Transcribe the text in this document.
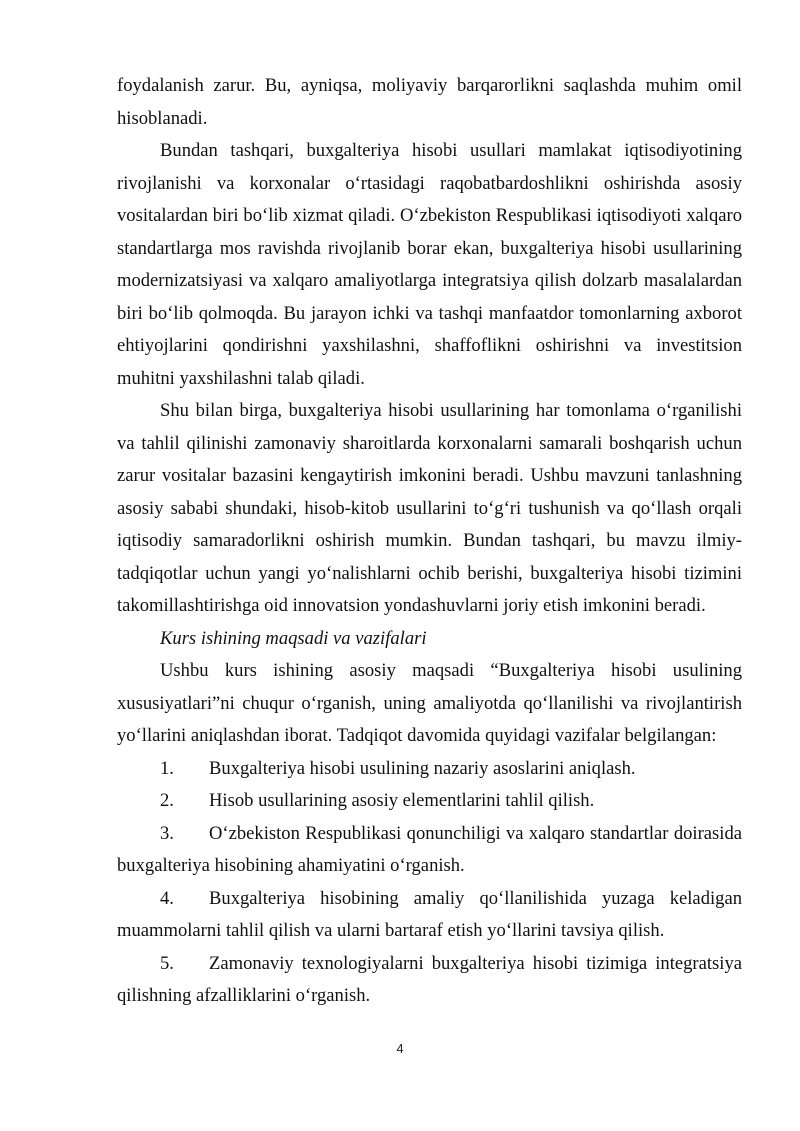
foydalanish zarur. Bu, ayniqsa, moliyaviy barqarorlikni saqlashda muhim omil hisoblanadi.

Bundan tashqari, buxgalteriya hisobi usullari mamlakat iqtisodiyotining rivojlanishi va korxonalar o‘rtasidagi raqobatbardoshlikni oshirishda asosiy vositalardan biri bo‘lib xizmat qiladi. O‘zbekiston Respublikasi iqtisodiyoti xalqaro standartlarga mos ravishda rivojlanib borar ekan, buxgalteriya hisobi usullarining modernizatsiyasi va xalqaro amaliyotlarga integratsiya qilish dolzarb masalalardan biri bo‘lib qolmoqda. Bu jarayon ichki va tashqi manfaatdor tomonlarning axborot ehtiyojlarini qondirishni yaxshilashni, shaffoflikni oshirishni va investitsion muhitni yaxshilashni talab qiladi.

Shu bilan birga, buxgalteriya hisobi usullarining har tomonlama o‘rganilishi va tahlil qilinishi zamonaviy sharoitlarda korxonalarni samarali boshqarish uchun zarur vositalar bazasini kengaytirish imkonini beradi. Ushbu mavzuni tanlashning asosiy sababi shundaki, hisob-kitob usullarini to‘g‘ri tushunish va qo‘llash orqali iqtisodiy samaradorlikni oshirish mumkin. Bundan tashqari, bu mavzu ilmiy-tadqiqotlar uchun yangi yo‘nalishlarni ochib berishi, buxgalteriya hisobi tizimini takomillashtirishga oid innovatsion yondashuvlarni joriy etish imkonini beradi.

Kurs ishining maqsadi va vazifalari

Ushbu kurs ishining asosiy maqsadi “Buxgalteriya hisobi usulining xususiyatlari”ni chuqur o‘rganish, uning amaliyotda qo‘llanilishi va rivojlantirish yo‘llarini aniqlashdan iborat. Tadqiqot davomida quyidagi vazifalar belgilangan:

1. Buxgalteriya hisobi usulining nazariy asoslarini aniqlash.

2. Hisob usullarining asosiy elementlarini tahlil qilish.

3. O‘zbekiston Respublikasi qonunchiligi va xalqaro standartlar doirasida buxgalteriya hisobining ahamiyatini o‘rganish.

4. Buxgalteriya hisobining amaliy qo‘llanilishida yuzaga keladigan muammolarni tahlil qilish va ularni bartaraf etish yo‘llarini tavsiya qilish.

5. Zamonaviy texnologiyalarni buxgalteriya hisobi tizimiga integratsiya qilishning afzalliklarini o‘rganish.

4
